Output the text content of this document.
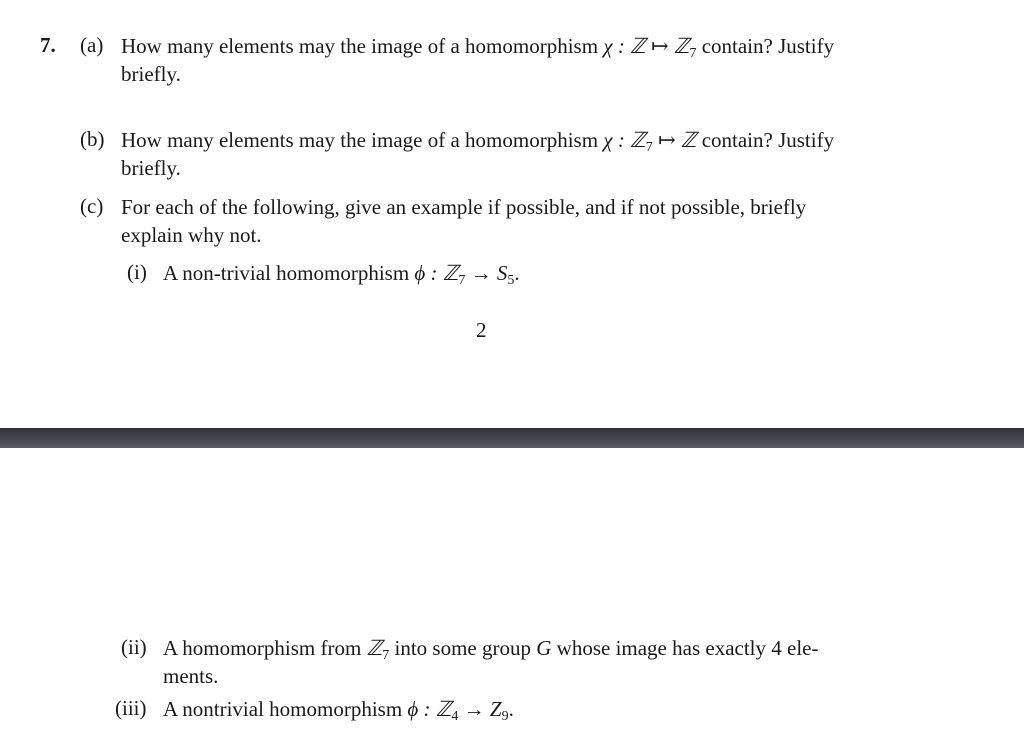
7. (a) How many elements may the image of a homomorphism χ : ℤ ↦ ℤ$_7$ contain? Justify
briefly.
(b) How many elements may the image of a homomorphism χ : ℤ$_7$ ↦ ℤ contain? Justify
briefly.
(c) For each of the following, give an example if possible, and if not possible, briefly
explain why not.
(i) A non-trivial homomorphism ϕ : ℤ$_7$ → $S_5$.
2
(ii) A homomorphism from ℤ$_7$ into some group G whose image has exactly 4 ele-
ments.
(iii) A nontrivial homomorphism ϕ : ℤ$_4$ → $Z_9$.
